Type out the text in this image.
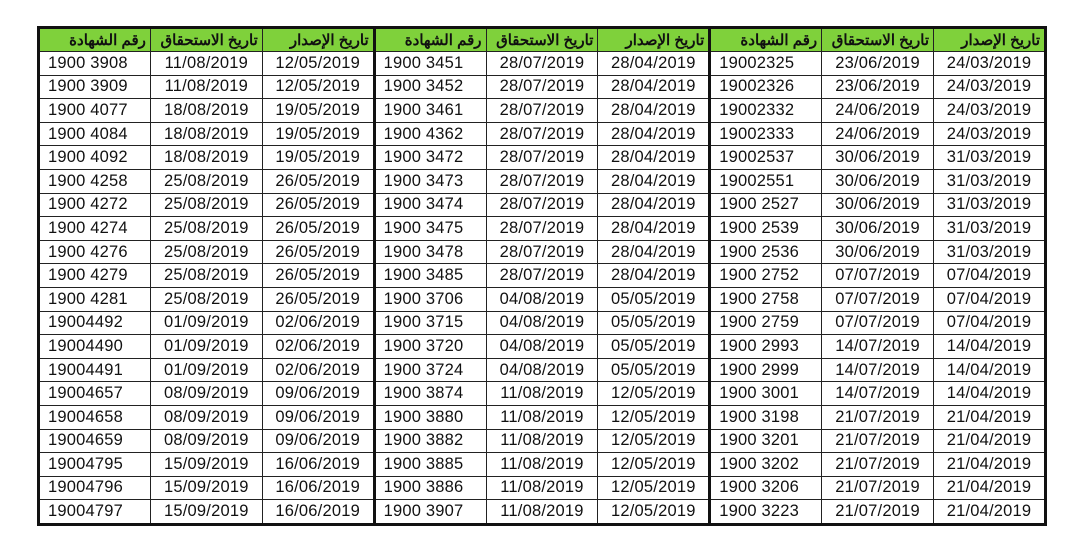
رقم الشهادة	تاريخ الاستحقاق	تاريخ الإصدار	رقم الشهادة	تاريخ الاستحقاق	تاريخ الإصدار	رقم الشهادة	تاريخ الاستحقاق	تاريخ الإصدار
1900 3908	11/08/2019	12/05/2019	1900 3451	28/07/2019	28/04/2019	19002325	23/06/2019	24/03/2019
1900 3909	11/08/2019	12/05/2019	1900 3452	28/07/2019	28/04/2019	19002326	23/06/2019	24/03/2019
1900 4077	18/08/2019	19/05/2019	1900 3461	28/07/2019	28/04/2019	19002332	24/06/2019	24/03/2019
1900 4084	18/08/2019	19/05/2019	1900 4362	28/07/2019	28/04/2019	19002333	24/06/2019	24/03/2019
1900 4092	18/08/2019	19/05/2019	1900 3472	28/07/2019	28/04/2019	19002537	30/06/2019	31/03/2019
1900 4258	25/08/2019	26/05/2019	1900 3473	28/07/2019	28/04/2019	19002551	30/06/2019	31/03/2019
1900 4272	25/08/2019	26/05/2019	1900 3474	28/07/2019	28/04/2019	1900 2527	30/06/2019	31/03/2019
1900 4274	25/08/2019	26/05/2019	1900 3475	28/07/2019	28/04/2019	1900 2539	30/06/2019	31/03/2019
1900 4276	25/08/2019	26/05/2019	1900 3478	28/07/2019	28/04/2019	1900 2536	30/06/2019	31/03/2019
1900 4279	25/08/2019	26/05/2019	1900 3485	28/07/2019	28/04/2019	1900 2752	07/07/2019	07/04/2019
1900 4281	25/08/2019	26/05/2019	1900 3706	04/08/2019	05/05/2019	1900 2758	07/07/2019	07/04/2019
19004492	01/09/2019	02/06/2019	1900 3715	04/08/2019	05/05/2019	1900 2759	07/07/2019	07/04/2019
19004490	01/09/2019	02/06/2019	1900 3720	04/08/2019	05/05/2019	1900 2993	14/07/2019	14/04/2019
19004491	01/09/2019	02/06/2019	1900 3724	04/08/2019	05/05/2019	1900 2999	14/07/2019	14/04/2019
19004657	08/09/2019	09/06/2019	1900 3874	11/08/2019	12/05/2019	1900 3001	14/07/2019	14/04/2019
19004658	08/09/2019	09/06/2019	1900 3880	11/08/2019	12/05/2019	1900 3198	21/07/2019	21/04/2019
19004659	08/09/2019	09/06/2019	1900 3882	11/08/2019	12/05/2019	1900 3201	21/07/2019	21/04/2019
19004795	15/09/2019	16/06/2019	1900 3885	11/08/2019	12/05/2019	1900 3202	21/07/2019	21/04/2019
19004796	15/09/2019	16/06/2019	1900 3886	11/08/2019	12/05/2019	1900 3206	21/07/2019	21/04/2019
19004797	15/09/2019	16/06/2019	1900 3907	11/08/2019	12/05/2019	1900 3223	21/07/2019	21/04/2019
